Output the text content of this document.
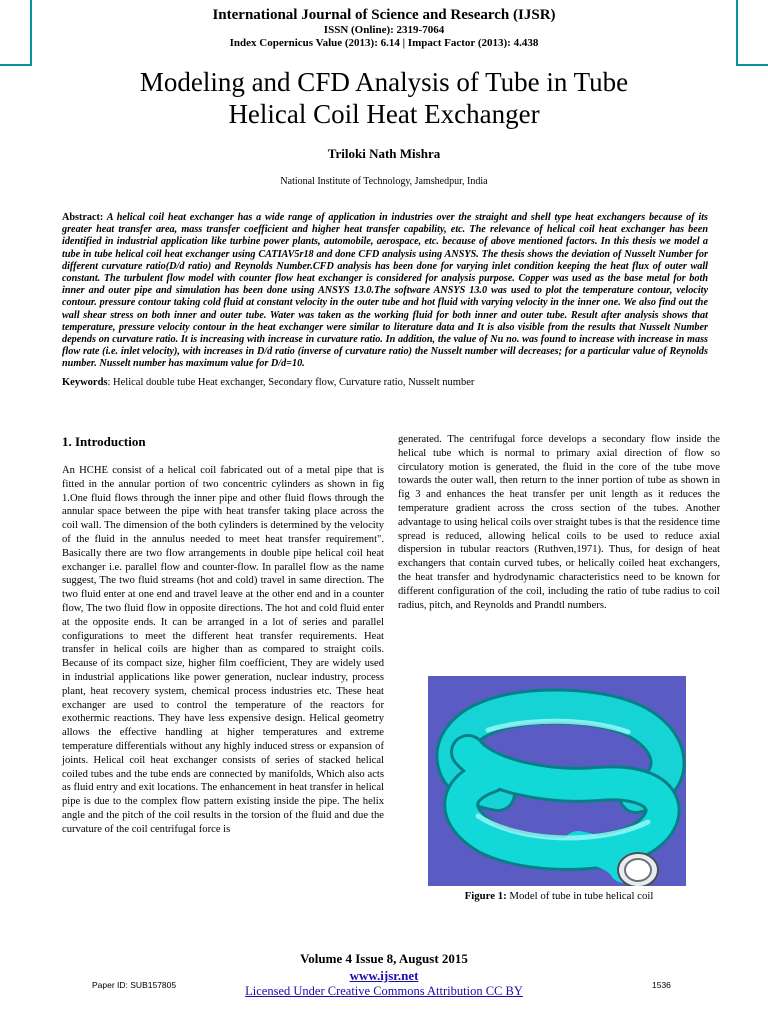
International Journal of Science and Research (IJSR)
ISSN (Online): 2319-7064
Index Copernicus Value (2013): 6.14 | Impact Factor (2013): 4.438
Modeling and CFD Analysis of Tube in Tube
Helical Coil Heat Exchanger
Triloki Nath Mishra
National Institute of Technology, Jamshedpur, India
Abstract: A helical coil heat exchanger has a wide range of application in industries over the straight and shell type heat exchangers because of its greater heat transfer area, mass transfer coefficient and higher heat transfer capability, etc. The relevance of helical coil heat exchanger has been identified in industrial application like turbine power plants, automobile, aerospace, etc. because of above mentioned factors. In this thesis we model a tube in tube helical coil heat exchanger using CATIAV5r18 and done CFD analysis using ANSYS. The thesis shows the deviation of Nusselt Number for different curvature ratio(D/d ratio) and Reynolds Number.CFD analysis has been done for varying inlet condition keeping the heat flux of outer wall constant. The turbulent flow model with counter flow heat exchanger is considered for analysis purpose. Copper was used as the base metal for both inner and outer pipe and simulation has been done using ANSYS 13.0.The software ANSYS 13.0 was used to plot the temperature contour, velocity contour. pressure contour taking cold fluid at constant velocity in the outer tube and hot fluid with varying velocity in the inner one. We also find out the wall shear stress on both inner and outer tube. Water was taken as the working fluid for both inner and outer tube. Result after analysis shows that temperature, pressure velocity contour in the heat exchanger were similar to literature data and It is also visible from the results that Nusselt Number depends on curvature ratio. It is increasing with increase in curvature ratio. In addition, the value of Nu no. was found to increase with increase in mass flow rate (i.e. inlet velocity), with increases in D/d ratio (inverse of curvature ratio) the Nusselt number will decreases; for a particular value of Reynolds number. Nusselt number has maximum value for D/d=10.
Keywords: Helical double tube Heat exchanger, Secondary flow, Curvature ratio, Nusselt number
1. Introduction
An HCHE consist of a helical coil fabricated out of a metal pipe that is fitted in the annular portion of two concentric cylinders as shown in fig 1.One fluid flows through the inner pipe and other fluid flows through the annular space between the pipe with heat transfer taking place across the coil wall. The dimension of the both cylinders is determined by the velocity of the fluid in the annulus needed to meet heat transfer requirement". Basically there are two flow arrangements in double pipe helical coil heat exchanger i.e. parallel flow and counter-flow. In parallel flow as the name suggest, The two fluid streams (hot and cold) travel in same direction. The two fluid enter at one end and travel leave at the other end and in a counter flow, The two fluid flow in opposite directions. The hot and cold fluid enter at the opposite ends. It can be arranged in a lot of series and parallel configurations to meet the different heat transfer requirements. Heat transfer in helical coils are higher than as compared to straight coils. Because of its compact size, higher film coefficient, They are widely used in industrial applications like power generation, nuclear industry, process plant, heat recovery system, chemical process industries etc. These heat exchanger are used to control the temperature of the reactors for exothermic reactions. They have less expensive design. Helical geometry allows the effective handling at higher temperatures and extreme temperature differentials without any highly induced stress or expansion of joints. Helical coil heat exchanger consists of series of stacked helical coiled tubes and the tube ends are connected by manifolds, Which also acts as fluid entry and exit locations. The enhancement in heat transfer in helical pipe is due to the complex flow pattern existing inside the pipe. The helix angle and the pitch of the coil results in the torsion of the fluid and due the curvature of the coil centrifugal force is
generated. The centrifugal force develops a secondary flow inside the helical tube which is normal to primary axial direction of flow so circulatory motion is generated, the fluid in the core of the tube move towards the outer wall, then return to the inner portion of tube as shown in fig 3 and enhances the heat transfer per unit length as it reduces the temperature gradient across the cross section of the tubes. Another advantage to using helical coils over straight tubes is that the residence time spread is reduced, allowing helical coils to be used to reduce axial dispersion in tubular reactors (Ruthven,1971). Thus, for design of heat exchangers that contain curved tubes, or helically coiled heat exchangers, the heat transfer and hydrodynamic characteristics need to be known for different configuration of the coil, including the ratio of tube radius to coil radius, pitch, and Reynolds and Prandtl numbers.
Figure 1: Model of tube in tube helical coil
Volume 4 Issue 8, August 2015
www.ijsr.net
Licensed Under Creative Commons Attribution CC BY
Paper ID: SUB157805	1536
